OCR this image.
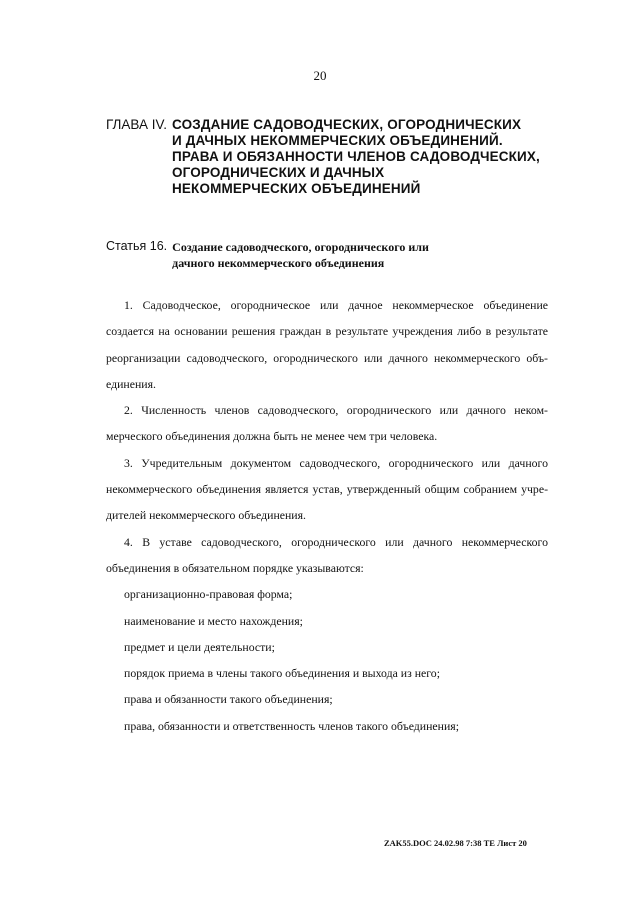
20
ГЛАВА IV. СОЗДАНИЕ САДОВОДЧЕСКИХ, ОГОРОДНИЧЕСКИХ
И ДАЧНЫХ НЕКОММЕРЧЕСКИХ ОБЪЕДИНЕНИЙ.
ПРАВА И ОБЯЗАННОСТИ ЧЛЕНОВ САДОВОДЧЕСКИХ,
ОГОРОДНИЧЕСКИХ И ДАЧНЫХ
НЕКОММЕРЧЕСКИХ ОБЪЕДИНЕНИЙ
Статья 16. Создание садоводческого, огороднического или
дачного некоммерческого объединения
1. Садоводческое, огородническое или дачное некоммерческое объединение
создается на основании решения граждан в результате учреждения либо в результате
реорганизации садоводческого, огороднического или дачного некоммерческого объ-
единения.
2. Численность членов садоводческого, огороднического или дачного неком-
мерческого объединения должна быть не менее чем три человека.
3. Учредительным документом садоводческого, огороднического или дачного
некоммерческого объединения является устав, утвержденный общим собранием учре-
дителей некоммерческого объединения.
4. В уставе садоводческого, огороднического или дачного некоммерческого
объединения в обязательном порядке указываются:
организационно-правовая форма;
наименование и место нахождения;
предмет и цели деятельности;
порядок приема в члены такого объединения и выхода из него;
права и обязанности такого объединения;
права, обязанности и ответственность членов такого объединения;
ZAK55.DOC 24.02.98 7:38 ТЕ Лист 20
